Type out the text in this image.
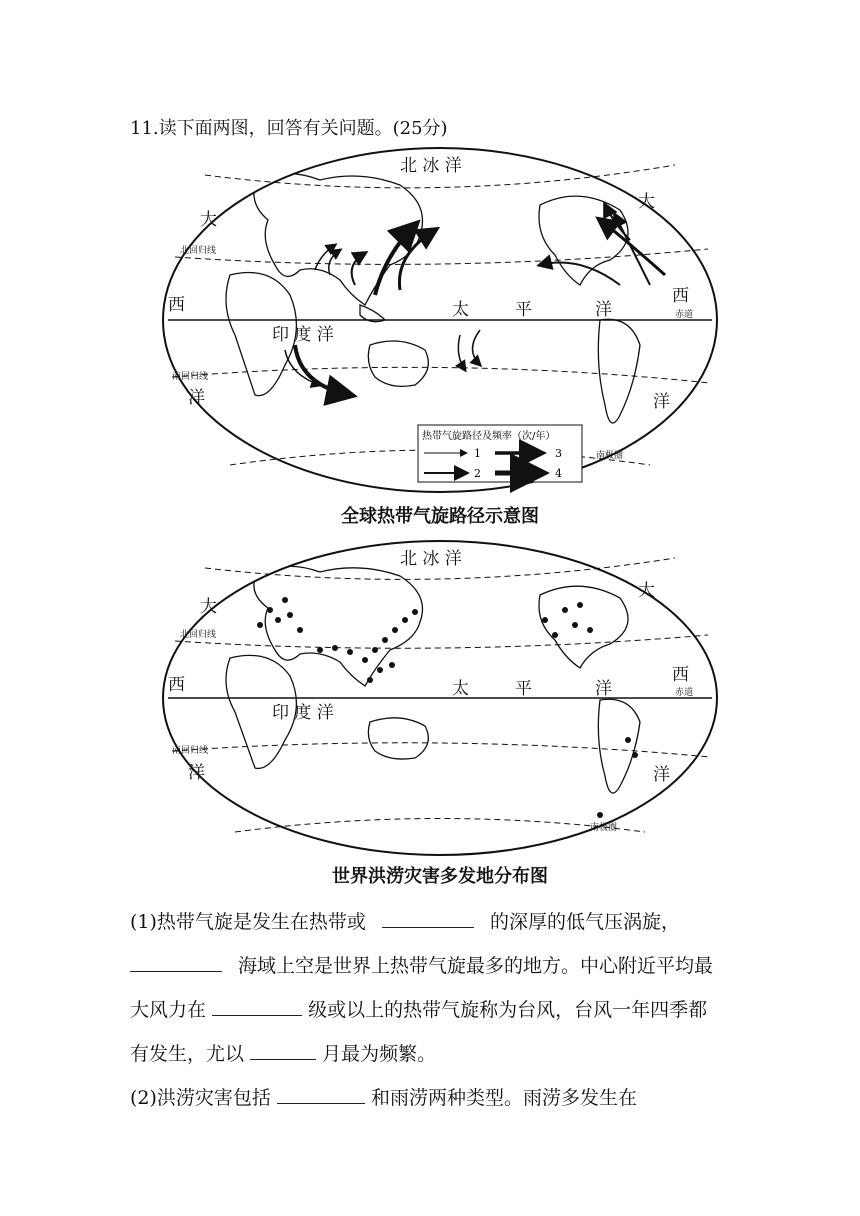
11.读下面两图，回答有关问题。(25分)
北 冰 洋
大
西
洋
印 度 洋
太	平	洋
大
西
洋
北回归线
南回归线
赤道
南极圈
热带气旋路径及频率（次/年）
1
2
3
4
全球热带气旋路径示意图
北 冰 洋
大
西
洋
印 度 洋
太	平	洋
大
西
洋
北回归线
南回归线
赤道
南极圈
世界洪涝灾害多发地分布图
(1)热带气旋是发生在热带或	的深厚的低气压涡旋，
海域上空是世界上热带气旋最多的地方。中心附近平均最
大风力在	级或以上的热带气旋称为台风，台风一年四季都
有发生，尤以	月最为频繁。
(2)洪涝灾害包括	和雨涝两种类型。雨涝多发生在
